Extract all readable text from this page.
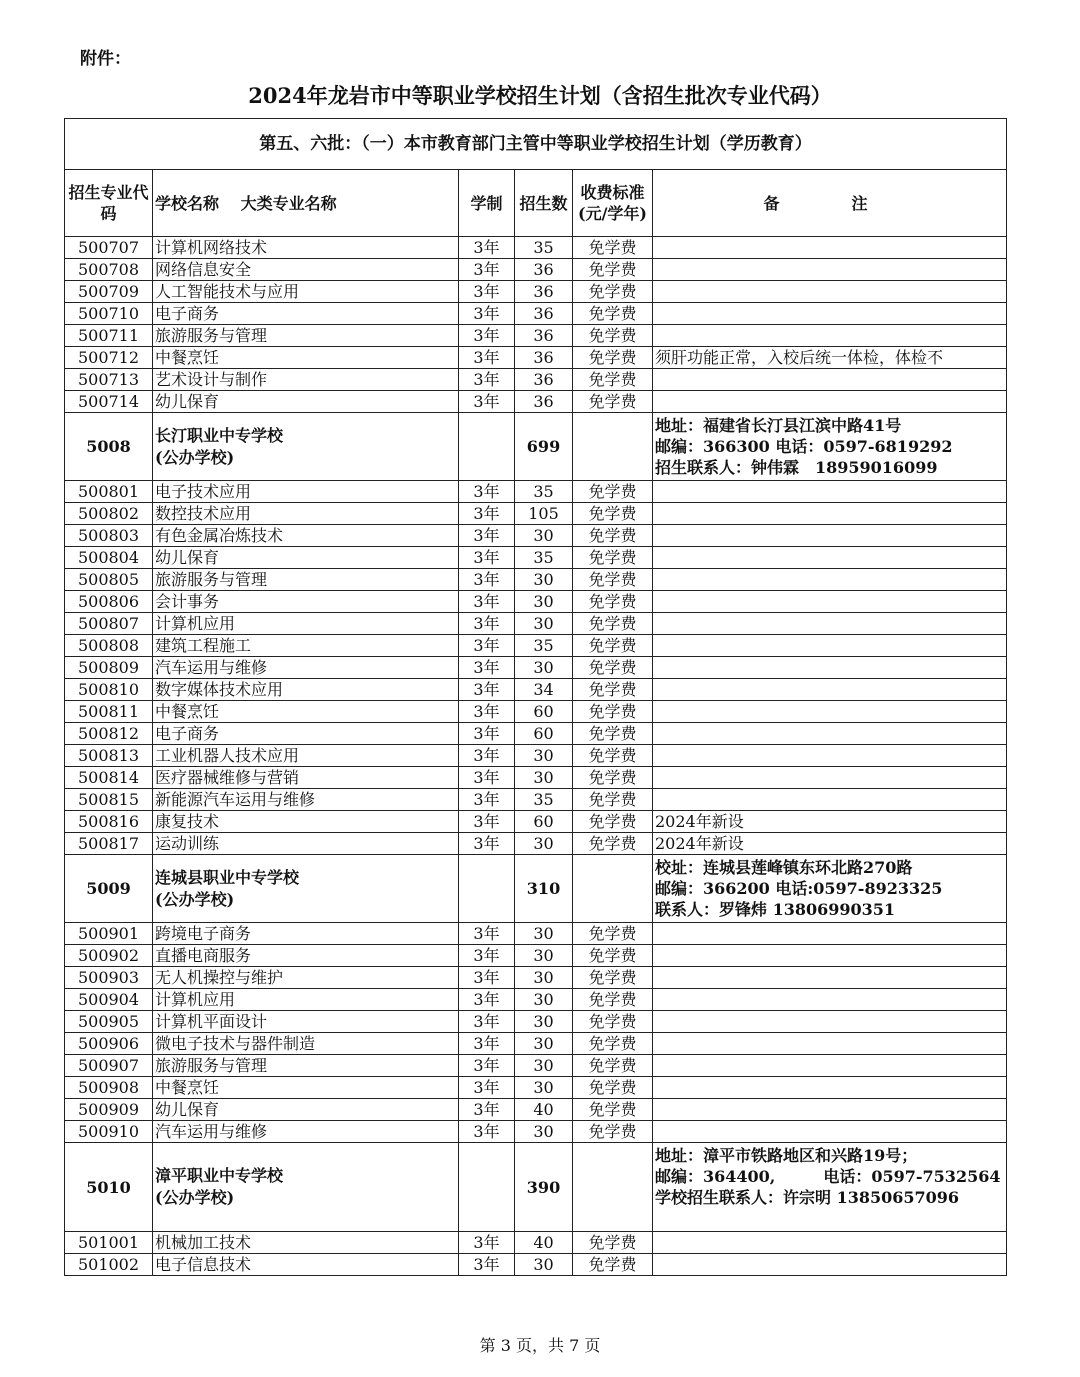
附件：
2024年龙岩市中等职业学校招生计划（含招生批次专业代码）
第五、六批：（一）本市教育部门主管中等职业学校招生计划（学历教育）					
招生专业代码	学校名称　 大类专业名称	学制	招生数	收费标准(元/学年)	备　注
500707	计算机网络技术	3年	35	免学费	
500708	网络信息安全	3年	36	免学费	
500709	人工智能技术与应用	3年	36	免学费	
500710	电子商务	3年	36	免学费	
500711	旅游服务与管理	3年	36	免学费	
500712	中餐烹饪	3年	36	免学费	须肝功能正常，入校后统一体检，体检不
500713	艺术设计与制作	3年	36	免学费	
500714	幼儿保育	3年	36	免学费	
5008	长汀职业中专学校
(公办学校)		699		地址：福建省长汀县江滨中路41号
邮编：366300 电话：0597-6819292
招生联系人：钟伟霖　18959016099

500801	电子技术应用	3年	35	免学费	
500802	数控技术应用	3年	105	免学费	
500803	有色金属冶炼技术	3年	30	免学费	
500804	幼儿保育	3年	35	免学费	
500805	旅游服务与管理	3年	30	免学费	
500806	会计事务	3年	30	免学费	
500807	计算机应用	3年	30	免学费	
500808	建筑工程施工	3年	35	免学费	
500809	汽车运用与维修	3年	30	免学费	
500810	数字媒体技术应用	3年	34	免学费	
500811	中餐烹饪	3年	60	免学费	
500812	电子商务	3年	60	免学费	
500813	工业机器人技术应用	3年	30	免学费	
500814	医疗器械维修与营销	3年	30	免学费	
500815	新能源汽车运用与维修	3年	35	免学费	
500816	康复技术	3年	60	免学费	2024年新设
500817	运动训练	3年	30	免学费	2024年新设
5009	连城县职业中专学校
(公办学校)		310		校址：连城县莲峰镇东环北路270路
邮编：366200 电话:0597-8923325
联系人：罗锋炜 13806990351

500901	跨境电子商务	3年	30	免学费	
500902	直播电商服务	3年	30	免学费	
500903	无人机操控与维护	3年	30	免学费	
500904	计算机应用	3年	30	免学费	
500905	计算机平面设计	3年	30	免学费	
500906	微电子技术与器件制造	3年	30	免学费	
500907	旅游服务与管理	3年	30	免学费	
500908	中餐烹饪	3年	30	免学费	
500909	幼儿保育	3年	40	免学费	
500910	汽车运用与维修	3年	30	免学费	
5010	漳平职业中专学校
(公办学校)		390		地址：漳平市铁路地区和兴路19号；
邮编：364400,　　　电话：0597-7532564
学校招生联系人：许宗明 13850657096

501001	机械加工技术	3年	40	免学费	
501002	电子信息技术	3年	30	免学费	
第 3 页，共 7 页
